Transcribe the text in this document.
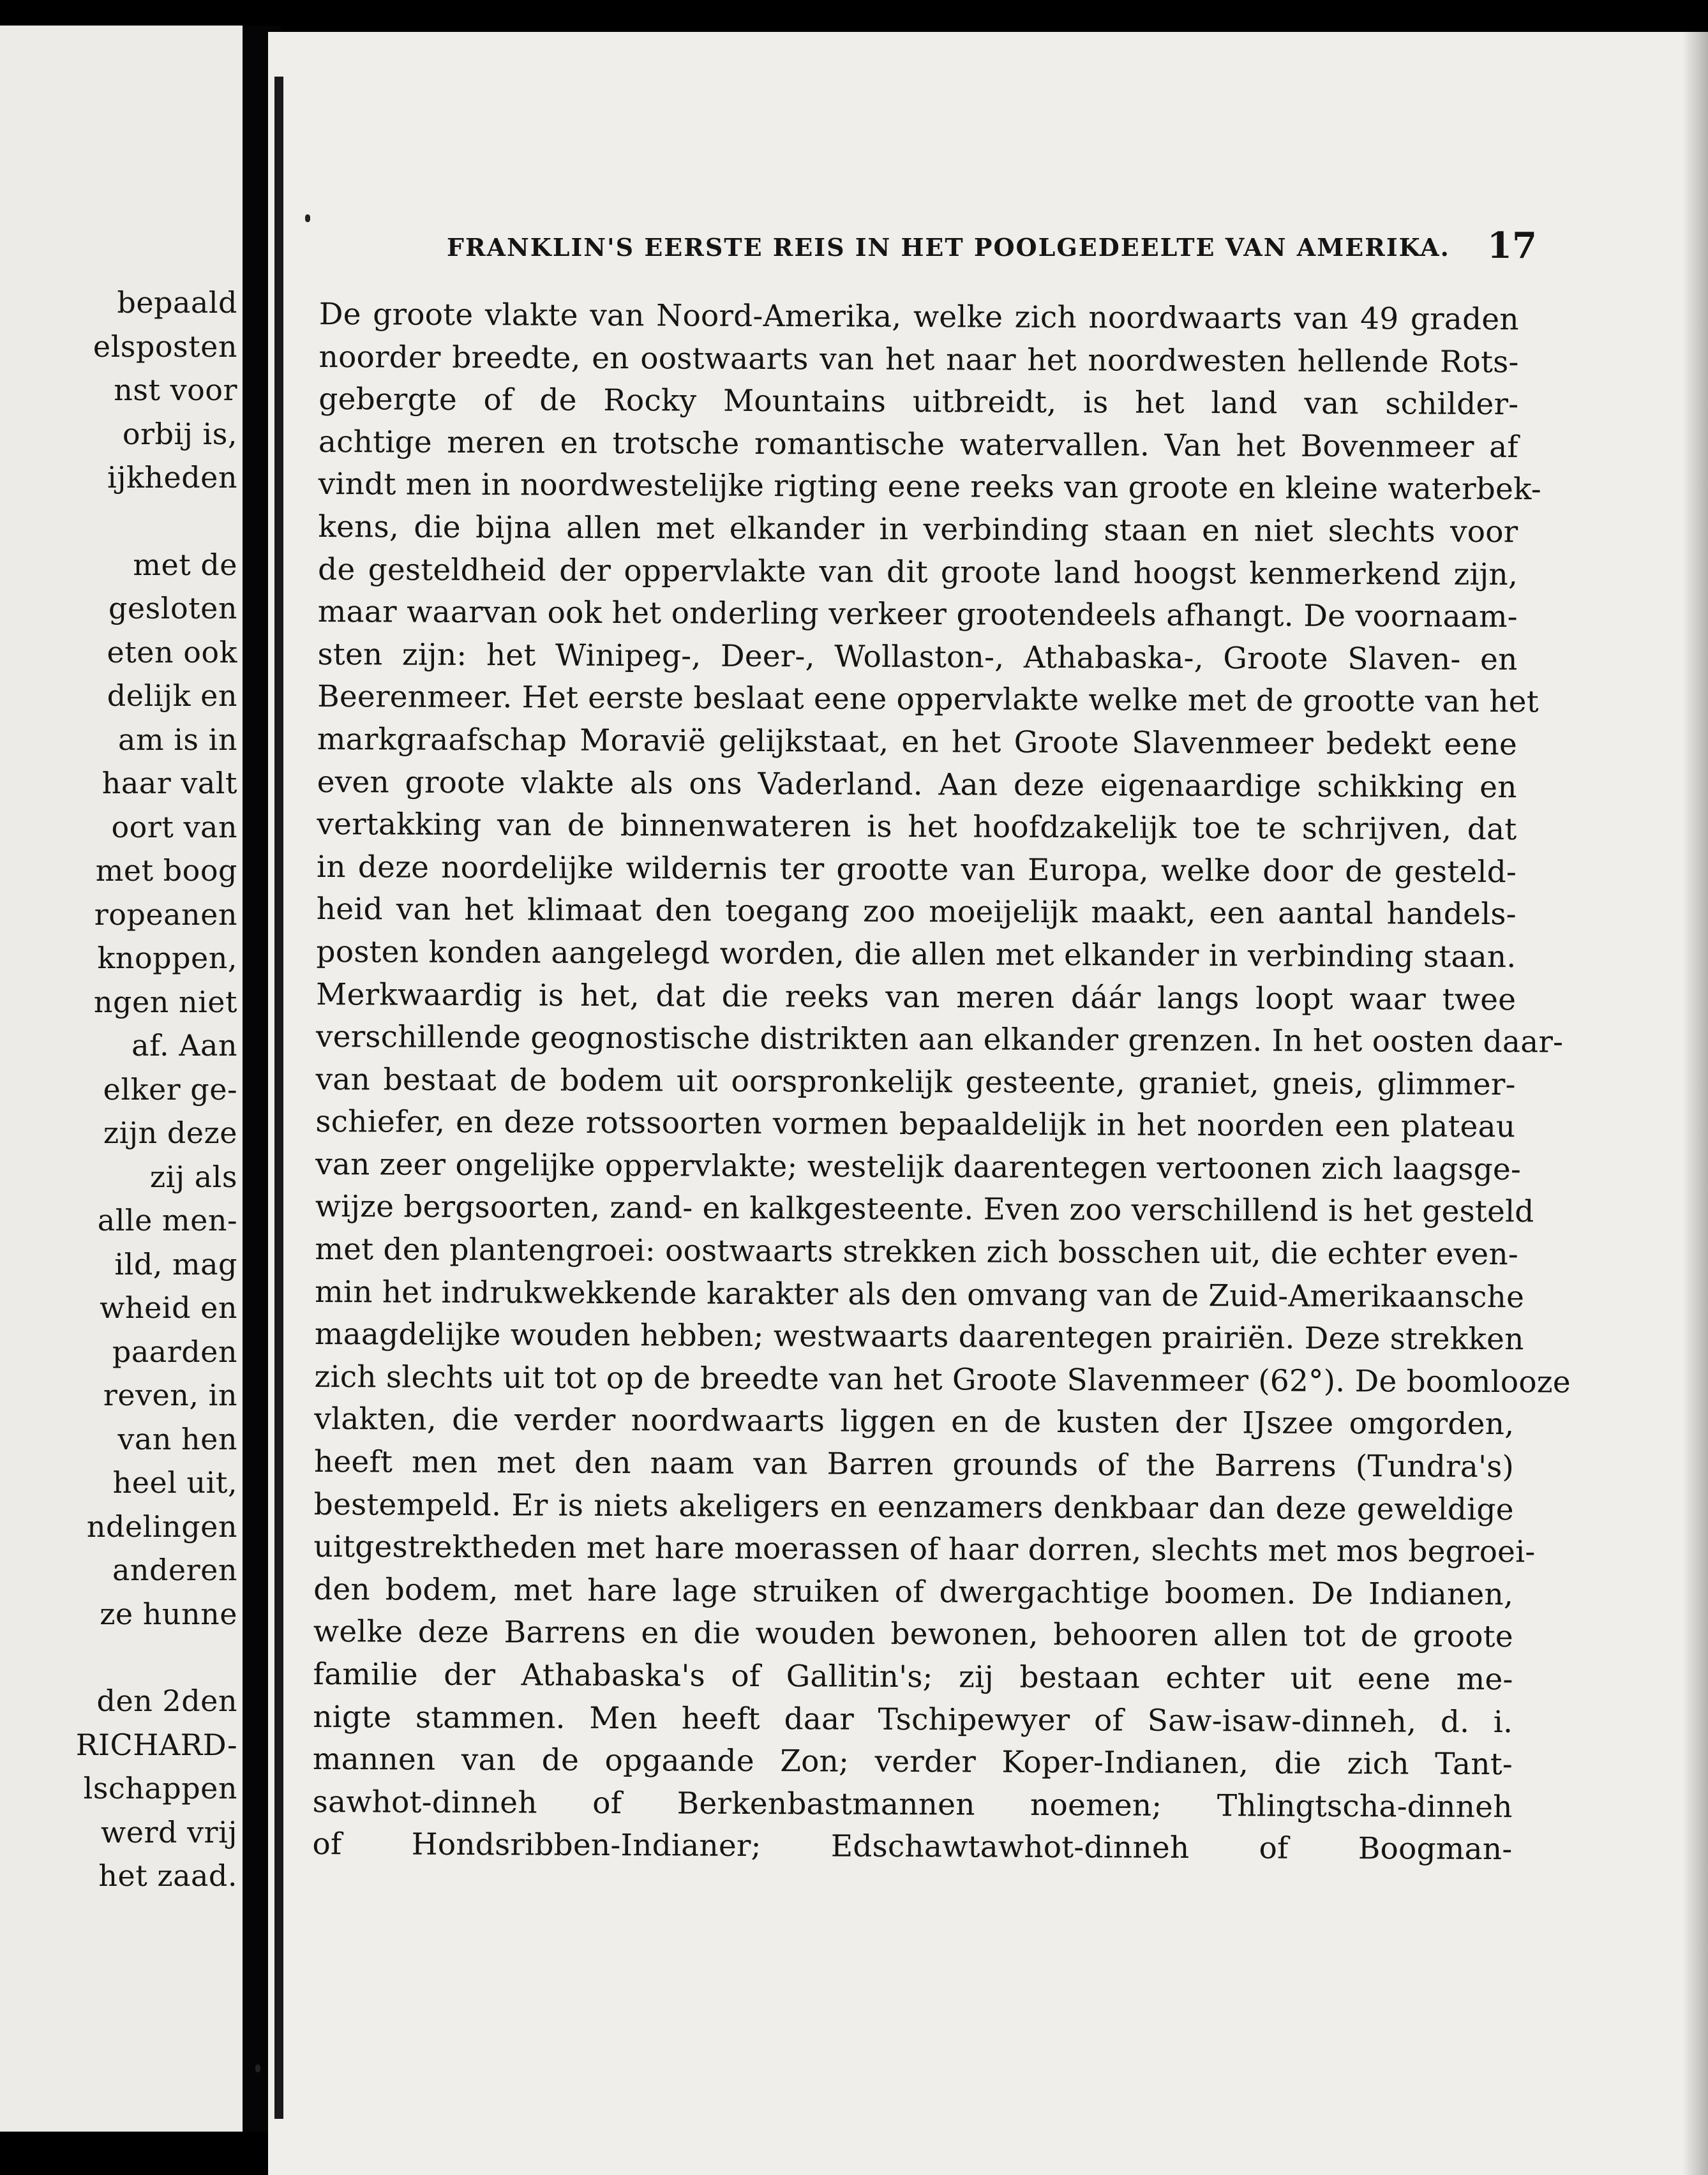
bepaald
elsposten
nst voor
orbij is,
ijkheden
met de
gesloten
eten ook
delijk en
am is in
haar valt
oort van
met boog
ropeanen
knoppen,
ngen niet
af. Aan
elker ge-
zijn deze
zij als
alle men-
ild, mag
wheid en
paarden
reven, in
van hen
heel uit,
ndelingen
anderen
ze hunne
den 2den
RICHARD-
lschappen
werd vrij
het zaad.
FRANKLIN'S EERSTE REIS IN HET POOLGEDEELTE VAN AMERIKA. 17
De groote vlakte van Noord-Amerika, welke zich noordwaarts van 49 graden
noorder breedte, en oostwaarts van het naar het noordwesten hellende Rots-
gebergte of de Rocky Mountains uitbreidt, is het land van schilder-
achtige meren en trotsche romantische watervallen. Van het Bovenmeer af
vindt men in noordwestelijke rigting eene reeks van groote en kleine waterbek-
kens, die bijna allen met elkander in verbinding staan en niet slechts voor
de gesteldheid der oppervlakte van dit groote land hoogst kenmerkend zijn,
maar waarvan ook het onderling verkeer grootendeels afhangt. De voornaam-
sten zijn: het Winipeg-, Deer-, Wollaston-, Athabaska-, Groote Slaven- en
Beerenmeer. Het eerste beslaat eene oppervlakte welke met de grootte van het
markgraafschap Moravië gelijkstaat, en het Groote Slavenmeer bedekt eene
even groote vlakte als ons Vaderland. Aan deze eigenaardige schikking en
vertakking van de binnenwateren is het hoofdzakelijk toe te schrijven, dat
in deze noordelijke wildernis ter grootte van Europa, welke door de gesteld-
heid van het klimaat den toegang zoo moeijelijk maakt, een aantal handels-
posten konden aangelegd worden, die allen met elkander in verbinding staan.
Merkwaardig is het, dat die reeks van meren dáár langs loopt waar twee
verschillende geognostische distrikten aan elkander grenzen. In het oosten daar-
van bestaat de bodem uit oorspronkelijk gesteente, graniet, gneis, glimmer-
schiefer, en deze rotssoorten vormen bepaaldelijk in het noorden een plateau
van zeer ongelijke oppervlakte; westelijk daarentegen vertoonen zich laagsge-
wijze bergsoorten, zand- en kalkgesteente. Even zoo verschillend is het gesteld
met den plantengroei: oostwaarts strekken zich bosschen uit, die echter even-
min het indrukwekkende karakter als den omvang van de Zuid-Amerikaansche
maagdelijke wouden hebben; westwaarts daarentegen prairiën. Deze strekken
zich slechts uit tot op de breedte van het Groote Slavenmeer (62°). De boomlooze
vlakten, die verder noordwaarts liggen en de kusten der IJszee omgorden,
heeft men met den naam van Barren grounds of the Barrens (Tundra's)
bestempeld. Er is niets akeligers en eenzamers denkbaar dan deze geweldige
uitgestrektheden met hare moerassen of haar dorren, slechts met mos begroei-
den bodem, met hare lage struiken of dwergachtige boomen. De Indianen,
welke deze Barrens en die wouden bewonen, behooren allen tot de groote
familie der Athabaska's of Gallitin's; zij bestaan echter uit eene me-
nigte stammen. Men heeft daar Tschipewyer of Saw-isaw-dinneh, d. i.
mannen van de opgaande Zon; verder Koper-Indianen, die zich Tant-
sawhot-dinneh of Berkenbastmannen noemen; Thlingtscha-dinneh
of Hondsribben-Indianer; Edschawtawhot-dinneh of Boogman-
